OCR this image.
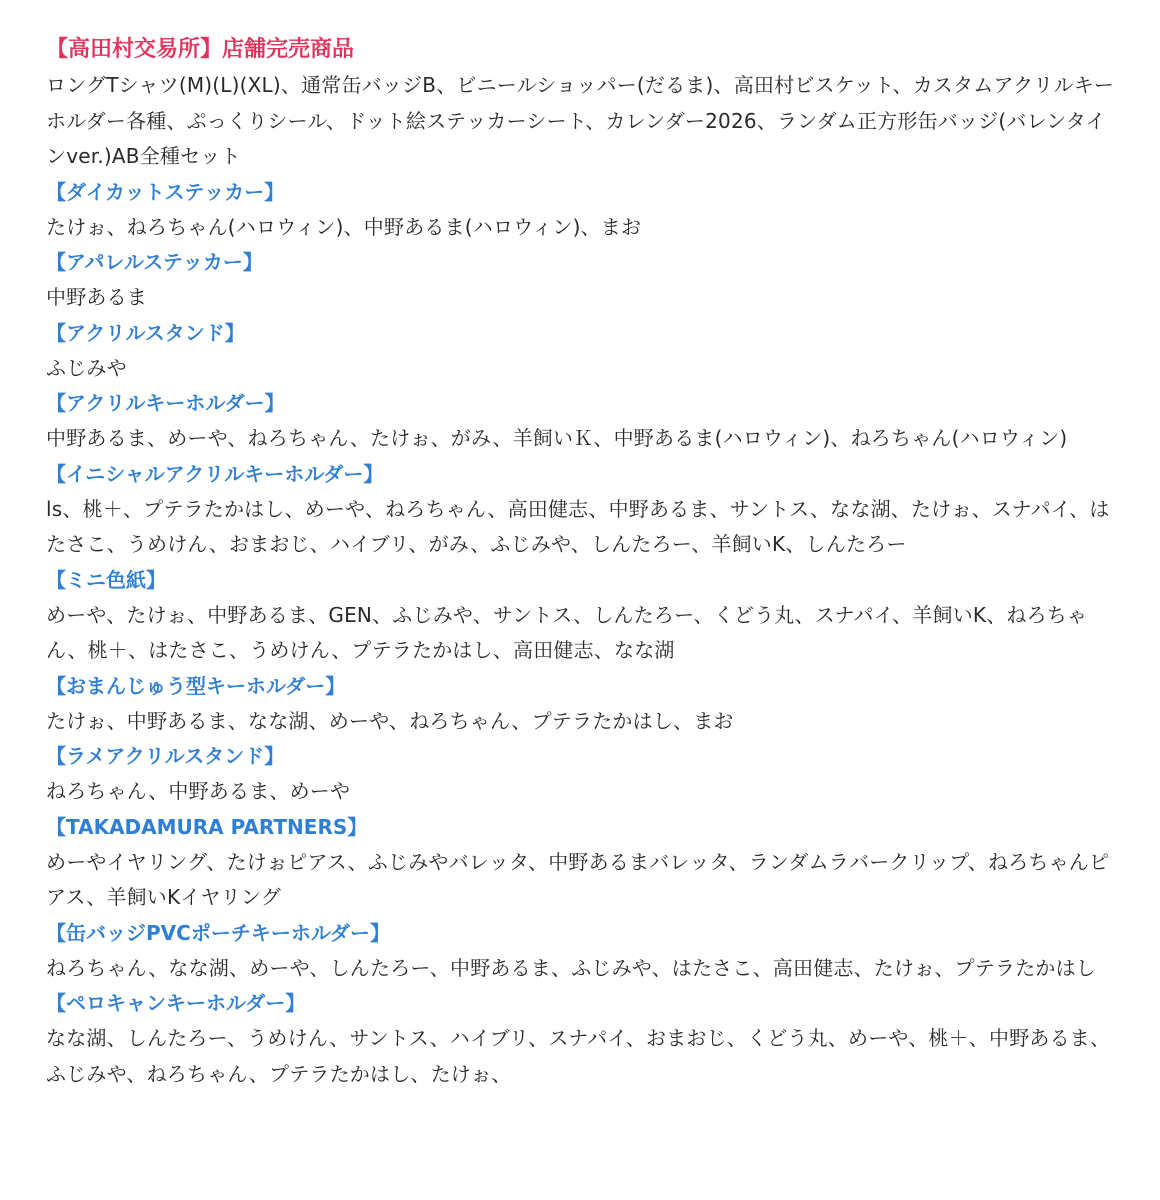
【高田村交易所】店舗完売商品
ロングTシャツ(M)(L)(XL)、通常缶バッジB、ビニールショッパー(だるま)、高田村ビスケット、カスタムアクリルキーホルダー各種、ぷっくりシール、ドット絵ステッカーシート、カレンダー2026、ランダム正方形缶バッジ(バレンタインver.)AB全種セット
【ダイカットステッカー】
たけぉ、ねろちゃん(ハロウィン)、中野あるま(ハロウィン)、まお
【アパレルステッカー】
中野あるま
【アクリルスタンド】
ふじみや
【アクリルキーホルダー】
中野あるま、めーや、ねろちゃん、たけぉ、がみ、羊飼いＫ、中野あるま(ハロウィン)、ねろちゃん(ハロウィン)
【イニシャルアクリルキーホルダー】
ls、桃＋、プテラたかはし、めーや、ねろちゃん、高田健志、中野あるま、サントス、なな湖、たけぉ、スナパイ、はたさこ、うめけん、おまおじ、ハイブリ、がみ、ふじみや、しんたろー、羊飼いK、しんたろー
【ミニ色紙】
めーや、たけぉ、中野あるま、GEN、ふじみや、サントス、しんたろー、くどう丸、スナパイ、羊飼いK、ねろちゃん、桃＋、はたさこ、うめけん、プテラたかはし、高田健志、なな湖
【おまんじゅう型キーホルダー】
たけぉ、中野あるま、なな湖、めーや、ねろちゃん、プテラたかはし、まお
【ラメアクリルスタンド】
ねろちゃん、中野あるま、めーや
【TAKADAMURA PARTNERS】
めーやイヤリング、たけぉピアス、ふじみやバレッタ、中野あるまバレッタ、ランダムラバークリップ、ねろちゃんピアス、羊飼いKイヤリング
【缶バッジPVCポーチキーホルダー】
ねろちゃん、なな湖、めーや、しんたろー、中野あるま、ふじみや、はたさこ、高田健志、たけぉ、プテラたかはし
【ペロキャンキーホルダー】
なな湖、しんたろー、うめけん、サントス、ハイブリ、スナパイ、おまおじ、くどう丸、めーや、桃＋、中野あるま、ふじみや、ねろちゃん、プテラたかはし、たけぉ、
